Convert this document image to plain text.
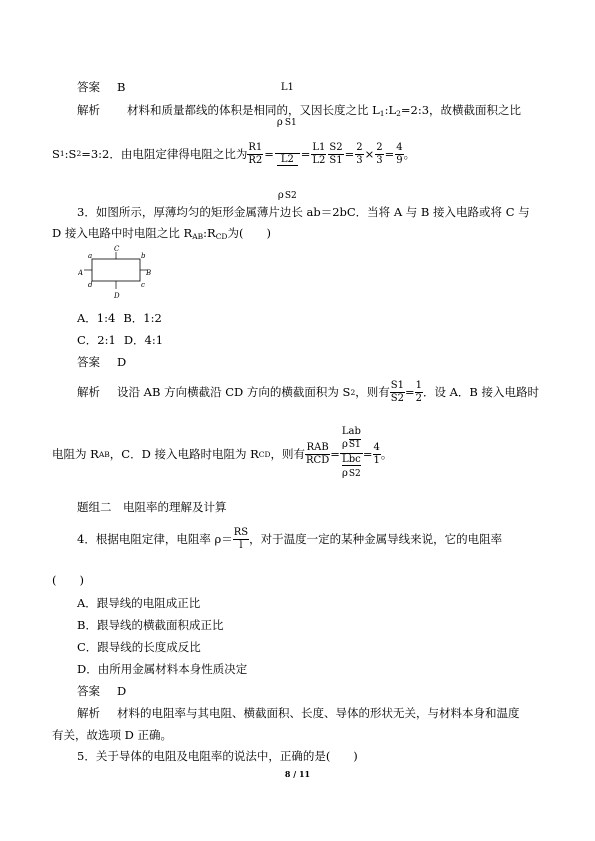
答案 B
解析 材料和质量都线的体积是相同的，又因长度之比 $L_1:L_2=2:3$，故横截面积之比
S 1 : S 2 =3:2．由电阻定律得电阻之比为 $\frac{R1}{R2} = L1$
ρ S1
L2
$\rho S2 = \frac{L1}{L2} \frac{S2}{S1} = \frac{2}{3} \times \frac{2}{3} = \frac{4}{9}$ 。
3．如图所示，厚薄均匀的矩形金属薄片边长 ab＝2bC．当将 A 与 B 接入电路或将 C 与
D 接入电路中时电阻之比 $R_{AB}:R_{CD}$为(　　)
C
a	b
A	B
d	c
D
A．1:4 B．1:2
C．2:1 D．4:1
答案 D
解析	设沿 AB 方向横截沿 CD 方向的横截面积为 S 2 ，则有 $\frac{S1}{S2} = \frac{1}{2}$ ．设 A．B 接入电路时
电阻为 R AB ，C．D 接入电路时电阻为 R CD ，则有 $\frac{\text{RAB}}{\text{RCD}}$ =
Lab
ρS1
Lbc
ρS2
= $\frac{4}{1}$ 。
题组二　电阻率的理解及计算
4．根据电阻定律，电阻率 $\rho= \frac{RS}{l}$ ，对于温度一定的某种金属导线来说，它的电阻率
(　　)
A．跟导线的电阻成正比
B．跟导线的横截面积成正比
C．跟导线的长度成反比
D．由所用金属材料本身性质决定
答案 D
解析 材料的电阻率与其电阻、横截面积、长度、导体的形状无关，与材料本身和温度
有关，故选项 D 正确。
5．关于导体的电阻及电阻率的说法中，正确的是(　　)
8 / 11
